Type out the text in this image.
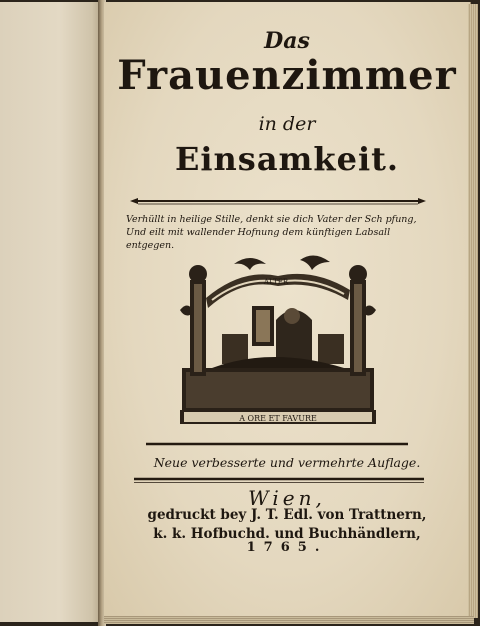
Das
Frauenzimmer
in der
Einsamkeit.
Verhüllt in heilige Stille, denkt sie dich Vater der Sch pfung,
Und eilt mit wallender Hofnung dem künftigen Labsall entgegen.
A ORE ET FAVURE
ALTER
Neue verbesserte und vermehrte Auflage.
Wien,
gedruckt bey J. T. Edl. von Trattnern,
k. k. Hofbuchd. und Buchhändlern,
1765.
